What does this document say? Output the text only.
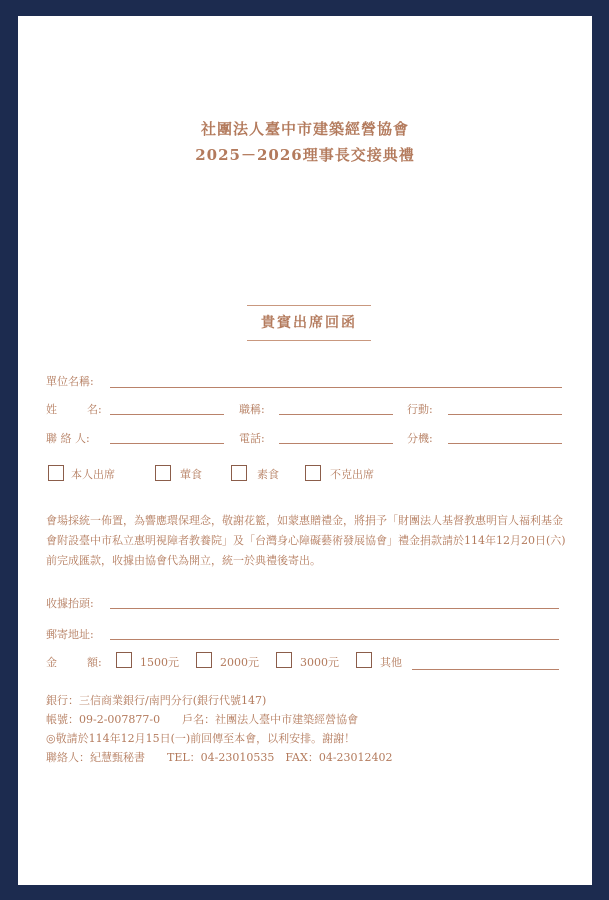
社團法人臺中市建築經營協會
2025－2026理事長交接典禮
貴賓出席回函
單位名稱:
姓	名:	職稱:	行動:
聯 絡 人:	電話:	分機:
本人出席	葷食	素食	不克出席
會場採統一佈置，為響應環保理念，敬謝花籃，如蒙惠贈禮金，將捐予「財團法人基督教惠明盲人福利基金會附設臺中市私立惠明視障者教養院」及「台灣身心障礙藝術發展協會」禮金捐款請於114年12月20日(六)前完成匯款，收據由協會代為開立，統一於典禮後寄出。
收據抬頭:
郵寄地址:
金	額:	1500元	2000元	3000元	其他
銀行：三信商業銀行/南門分行(銀行代號147)
帳號：09-2-007877-0　　戶名：社團法人臺中市建築經營協會
◎敬請於114年12月15日(一)前回傳至本會，以利安排。謝謝！
聯絡人：紀慧甄秘書　　TEL：04-23010535　FAX：04-23012402
